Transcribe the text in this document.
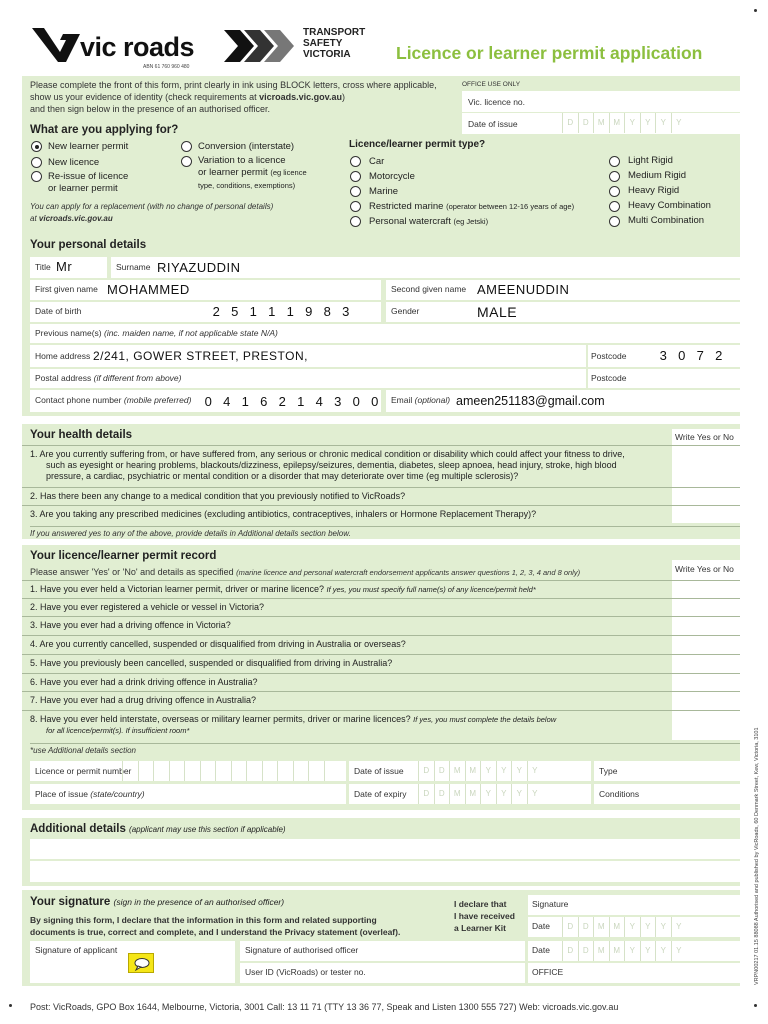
vic roads
ABN 61 760 960 480
TRANSPORT
SAFETY
VICTORIA	Licence or learner permit application
Please complete the front of this form, print clearly in ink using BLOCK letters, cross where applicable,
show us your evidence of identity (check requirements at vicroads.vic.gov.au)
and then sign below in the presence of an authorised officer.
OFFICE USE ONLY
Vic. licence no.
Date of issue	D	D	M	M	Y	Y	Y	Y
What are you applying for?
New learner permit
New licence
Re-issue of licence
or learner permit
Conversion (interstate)
Variation to a licence
or learner permit (eg licence
type, conditions, exemptions)
You can apply for a replacement (with no change of personal details)
at vicroads.vic.gov.au
Licence/learner permit type?
Car
Motorcycle
Marine
Restricted marine (operator between 12-16 years of age)
Personal watercraft (eg Jetski)
Light Rigid
Medium Rigid
Heavy Rigid
Heavy Combination
Multi Combination
Your personal details
Title Mr	Surname RIYAZUDDIN
First given name MOHAMMED	Second given name AMEENUDDIN
Date of birth	2 5 1 1 1 9 8 3	Gender	MALE
Previous name(s) (inc. maiden name, if not applicable state N/A)
Home address 2/241, GOWER STREET, PRESTON,	Postcode	3 0 7 2
Postal address (if different from above)	Postcode
Contact phone number (mobile preferred)	0 4 1 6 2 1 4 3 0 0	Email (optional) ameen251183@gmail.com
Your health details	Write Yes or No
1. Are you currently suffering from, or have suffered from, any serious or chronic medical condition or disability which could affect your fitness to drive,
such as eyesight or hearing problems, blackouts/dizziness, epilepsy/seizures, dementia, diabetes, sleep apnoea, head injury, stroke, high blood
pressure, a cardiac, psychiatric or mental condition or a disorder that may deteriorate over time (eg multiple sclerosis)?
2. Has there been any change to a medical condition that you previously notified to VicRoads?
3. Are you taking any prescribed medicines (excluding antibiotics, contraceptives, inhalers or Hormone Replacement Therapy)?
If you answered yes to any of the above, provide details in Additional details section below.
Your licence/learner permit record
Write Yes or No
Please answer 'Yes' or 'No' and details as specified (marine licence and personal watercraft endorsement applicants answer questions 1, 2, 3, 4 and 8 only)
1. Have you ever held a Victorian learner permit, driver or marine licence? If yes, you must specify full name(s) of any licence/permit held*
2. Have you ever registered a vehicle or vessel in Victoria?
3. Have you ever had a driving offence in Victoria?
4. Are you currently cancelled, suspended or disqualified from driving in Australia or overseas?
5. Have you previously been cancelled, suspended or disqualified from driving in Australia?
6. Have you ever had a drink driving offence in Australia?
7. Have you ever had a drug driving offence in Australia?
8. Have you ever held interstate, overseas or military learner permits, driver or marine licences? If yes, you must complete the details below
for all licence/permit(s). If insufficient room*
*use Additional details section
Licence or permit number	Date of issue	D	D	M	M	Y	Y	Y	Y	Type
Place of issue (state/country)	Date of expiry	D	D	M	M	Y	Y	Y	Y	Conditions
Additional details (applicant may use this section if applicable)
Your signature (sign in the presence of an authorised officer)
By signing this form, I declare that the information in this form and related supporting
documents is true, correct and complete, and I understand the Privacy statement (overleaf).
I declare that
I have received
a Learner Kit
Signature
Date	D	D	M	M	Y	Y	Y	Y
Signature of applicant	Signature of authorised officer	Date	D	D	M	M	Y	Y	Y	Y
User ID (VicRoads) or tester no.	OFFICE	VRPN00217 01.15 88088 Authorised and published by VicRoads, 60 Denmark Street, Kew, Victoria, 3101
Post: VicRoads, GPO Box 1644, Melbourne, Victoria, 3001 Call: 13 11 71 (TTY 13 36 77, Speak and Listen 1300 555 727) Web: vicroads.vic.gov.au
